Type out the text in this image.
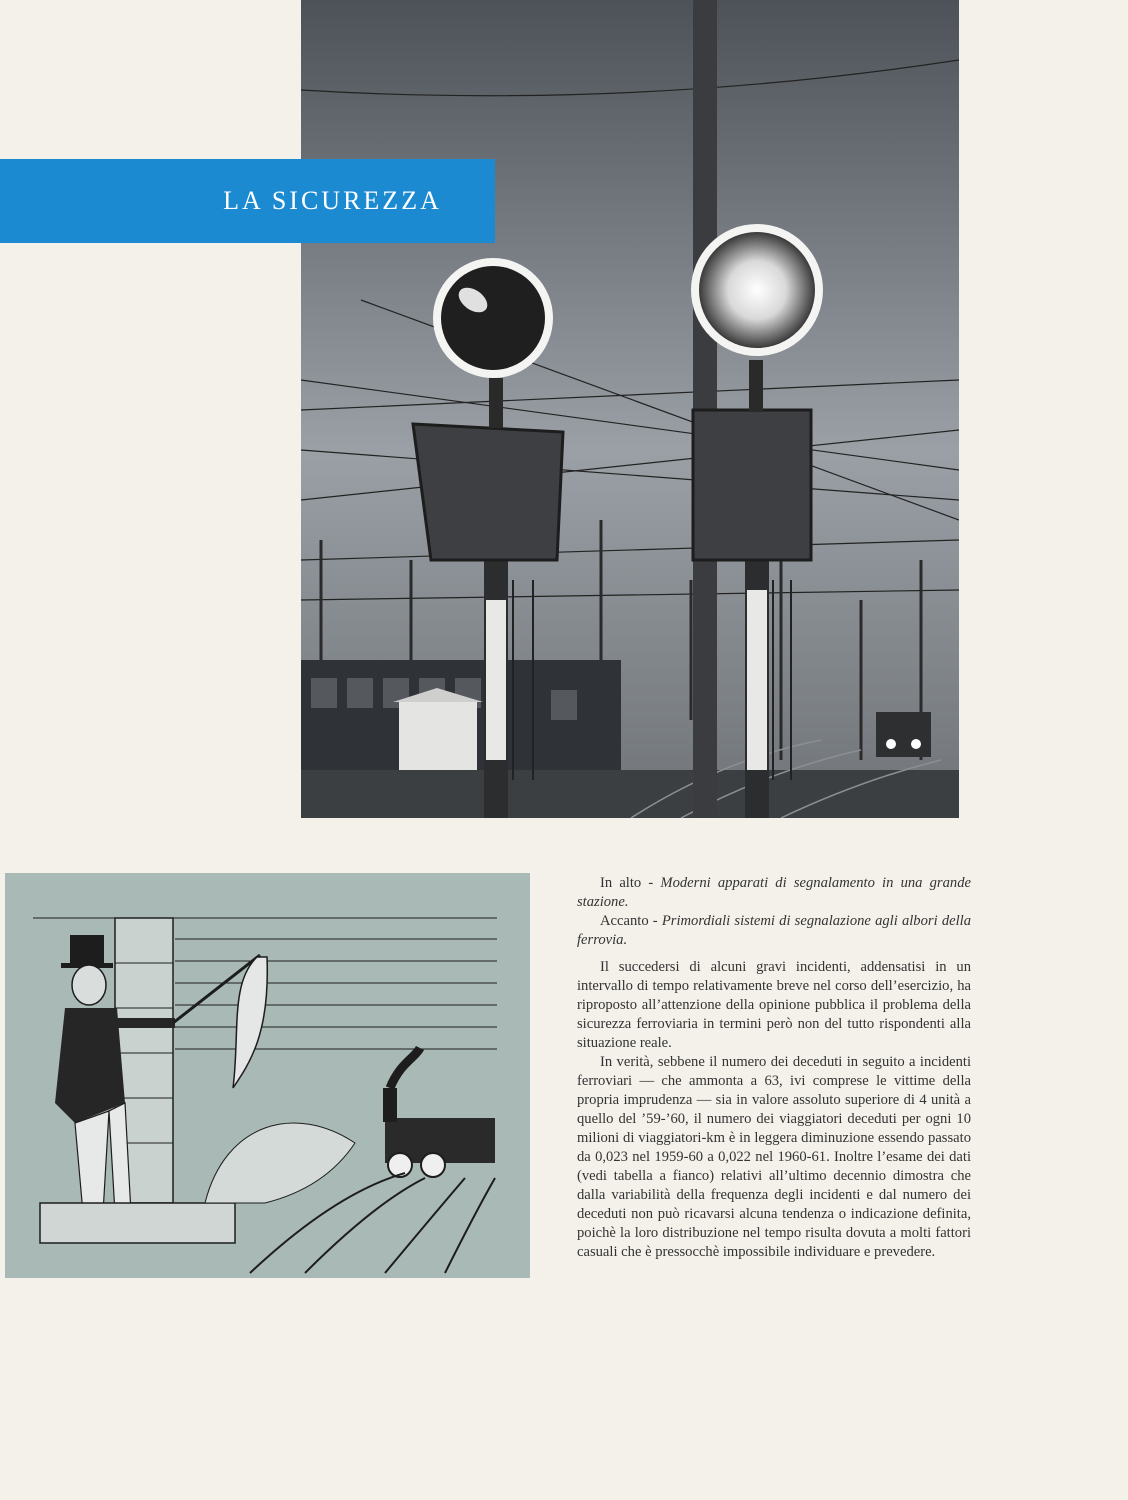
LA SICUREZZA

In alto - Moderni apparati di segnalamento in una grande stazione.

Accanto - Primordiali sistemi di segnalazione agli albori della ferrovia.

Il succedersi di alcuni gravi incidenti, addensatisi in un intervallo di tempo relativamente breve nel corso dell’esercizio, ha riproposto all’attenzione della opinione pubblica il problema della sicurezza ferroviaria in termini però non del tutto rispondenti alla situazione reale.

In verità, sebbene il numero dei deceduti in seguito a incidenti ferroviari — che ammonta a 63, ivi comprese le vittime della propria imprudenza — sia in valore assoluto superiore di 4 unità a quello del ’59-’60, il numero dei viaggiatori deceduti per ogni 10 milioni di viaggiatori-km è in leggera diminuzione essendo passato da 0,023 nel 1959-60 a 0,022 nel 1960-61. Inoltre l’esame dei dati (vedi tabella a fianco) relativi all’ultimo decennio dimostra che dalla variabilità della frequenza degli incidenti e dal numero dei deceduti non può ricavarsi alcuna tendenza o indicazione definita, poichè la loro distribuzione nel tempo risulta dovuta a molti fattori casuali che è pressocchè impossibile individuare e prevedere.
